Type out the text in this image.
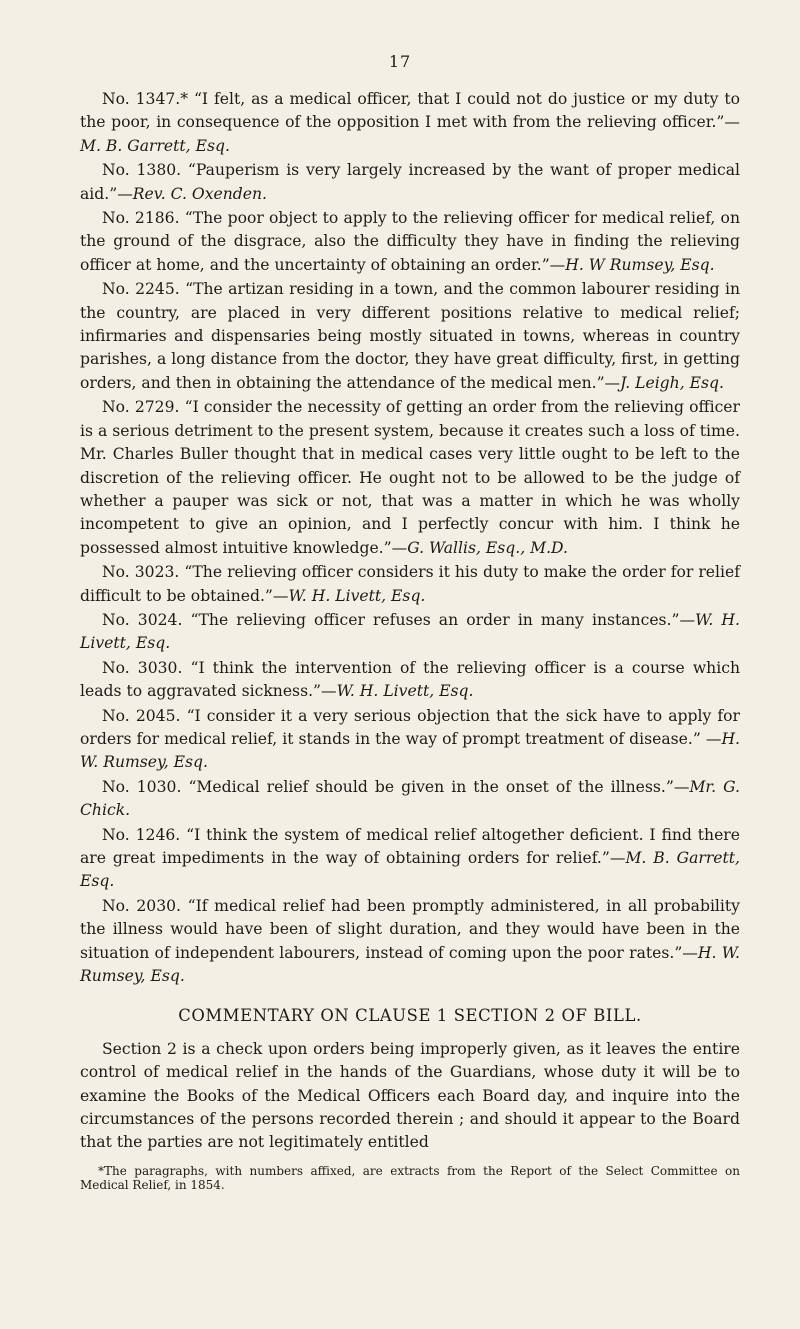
17

No. 1347.* “I felt, as a medical officer, that I could not do justice or my duty to the poor, in consequence of the opposition I met with from the relieving officer.”—M. B. Garrett, Esq.

No. 1380. “Pauperism is very largely increased by the want of proper medical aid.”—Rev. C. Oxenden.

No. 2186. “The poor object to apply to the relieving officer for medical relief, on the ground of the disgrace, also the difficulty they have in finding the relieving officer at home, and the uncertainty of obtaining an order.”—H. W Rumsey, Esq.

No. 2245. “The artizan residing in a town, and the common labourer residing in the country, are placed in very different positions relative to medical relief; infirmaries and dispensaries being mostly situated in towns, whereas in country parishes, a long distance from the doctor, they have great difficulty, first, in getting orders, and then in obtaining the attendance of the medical men.”—J. Leigh, Esq.

No. 2729. “I consider the necessity of getting an order from the relieving officer is a serious detriment to the present system, because it creates such a loss of time. Mr. Charles Buller thought that in medical cases very little ought to be left to the discretion of the relieving officer. He ought not to be allowed to be the judge of whether a pauper was sick or not, that was a matter in which he was wholly incompetent to give an opinion, and I perfectly concur with him. I think he possessed almost intuitive knowledge.”—G. Wallis, Esq., M.D.

No. 3023. “The relieving officer considers it his duty to make the order for relief difficult to be obtained.”—W. H. Livett, Esq.

No. 3024. “The relieving officer refuses an order in many instances.”—W. H. Livett, Esq.

No. 3030. “I think the intervention of the relieving officer is a course which leads to aggravated sickness.”—W. H. Livett, Esq.

No. 2045. “I consider it a very serious objection that the sick have to apply for orders for medical relief, it stands in the way of prompt treatment of disease.” —H. W. Rumsey, Esq.

No. 1030. “Medical relief should be given in the onset of the illness.”—Mr. G. Chick.

No. 1246. “I think the system of medical relief altogether deficient. I find there are great impediments in the way of obtaining orders for relief.”—M. B. Garrett, Esq.

No. 2030. “If medical relief had been promptly administered, in all probability the illness would have been of slight duration, and they would have been in the situation of independent labourers, instead of coming upon the poor rates.”—H. W. Rumsey, Esq.

COMMENTARY ON CLAUSE 1 SECTION 2 OF BILL.

Section 2 is a check upon orders being improperly given, as it leaves the entire control of medical relief in the hands of the Guardians, whose duty it will be to examine the Books of the Medical Officers each Board day, and inquire into the circumstances of the persons recorded therein ; and should it appear to the Board that the parties are not legitimately entitled

*The paragraphs, with numbers affixed, are extracts from the Report of the Select Committee on Medical Relief, in 1854.
